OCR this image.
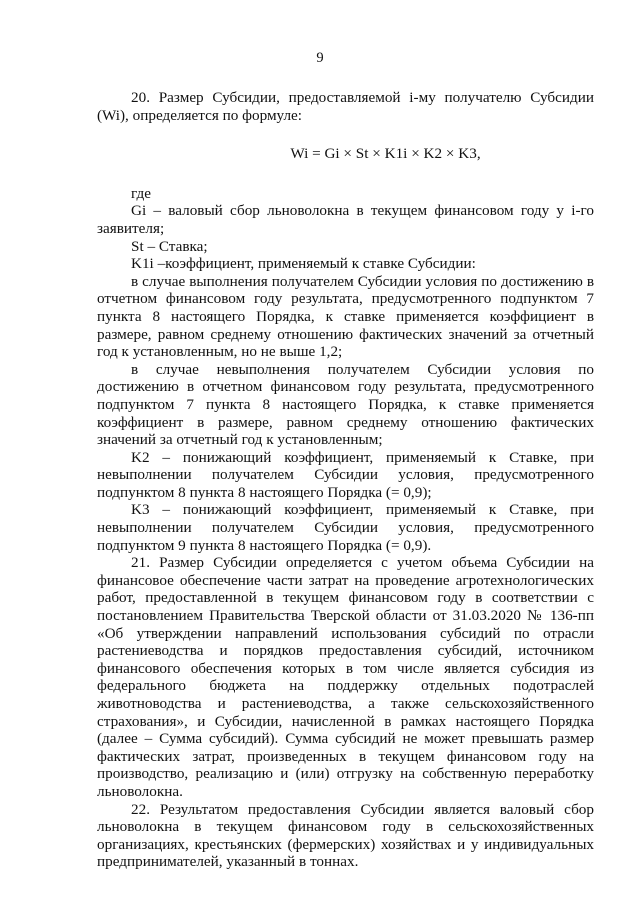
9

20. Размер Субсидии, предоставляемой i-му получателю Субсидии (Wi), определяется по формуле:

Wi = Gi × St × K1i × K2 × K3,

где

Gi – валовый сбор льноволокна в текущем финансовом году у i-го заявителя;

St – Ставка;

K1i –коэффициент, применяемый к ставке Субсидии:

в случае выполнения получателем Субсидии условия по достижению в отчетном финансовом году результата, предусмотренного подпунктом 7 пункта 8 настоящего Порядка, к ставке применяется коэффициент в размере, равном среднему отношению фактических значений за отчетный год к установленным, но не выше 1,2;

в случае невыполнения получателем Субсидии условия по достижению в отчетном финансовом году результата, предусмотренного подпунктом 7 пункта 8 настоящего Порядка, к ставке применяется коэффициент в размере, равном среднему отношению фактических значений за отчетный год к установленным;

K2 – понижающий коэффициент, применяемый к Ставке, при невыполнении получателем Субсидии условия, предусмотренного подпунктом 8 пункта 8 настоящего Порядка (= 0,9);

K3 – понижающий коэффициент, применяемый к Ставке, при невыполнении получателем Субсидии условия, предусмотренного подпунктом 9 пункта 8 настоящего Порядка (= 0,9).

21. Размер Субсидии определяется с учетом объема Субсидии на финансовое обеспечение части затрат на проведение агротехнологических работ, предоставленной в текущем финансовом году в соответствии с постановлением Правительства Тверской области от 31.03.2020 № 136-пп «Об утверждении направлений использования субсидий по отрасли растениеводства и порядков предоставления субсидий, источником финансового обеспечения которых в том числе является субсидия из федерального бюджета на поддержку отдельных подотраслей животноводства и растениеводства, а также сельскохозяйственного страхования», и Субсидии, начисленной в рамках настоящего Порядка (далее – Сумма субсидий). Сумма субсидий не может превышать размер фактических затрат, произведенных в текущем финансовом году на производство, реализацию и (или) отгрузку на собственную переработку льноволокна.

22. Результатом предоставления Субсидии является валовый сбор льноволокна в текущем финансовом году в сельскохозяйственных организациях, крестьянских (фермерских) хозяйствах и у индивидуальных предпринимателей, указанный в тоннах.
